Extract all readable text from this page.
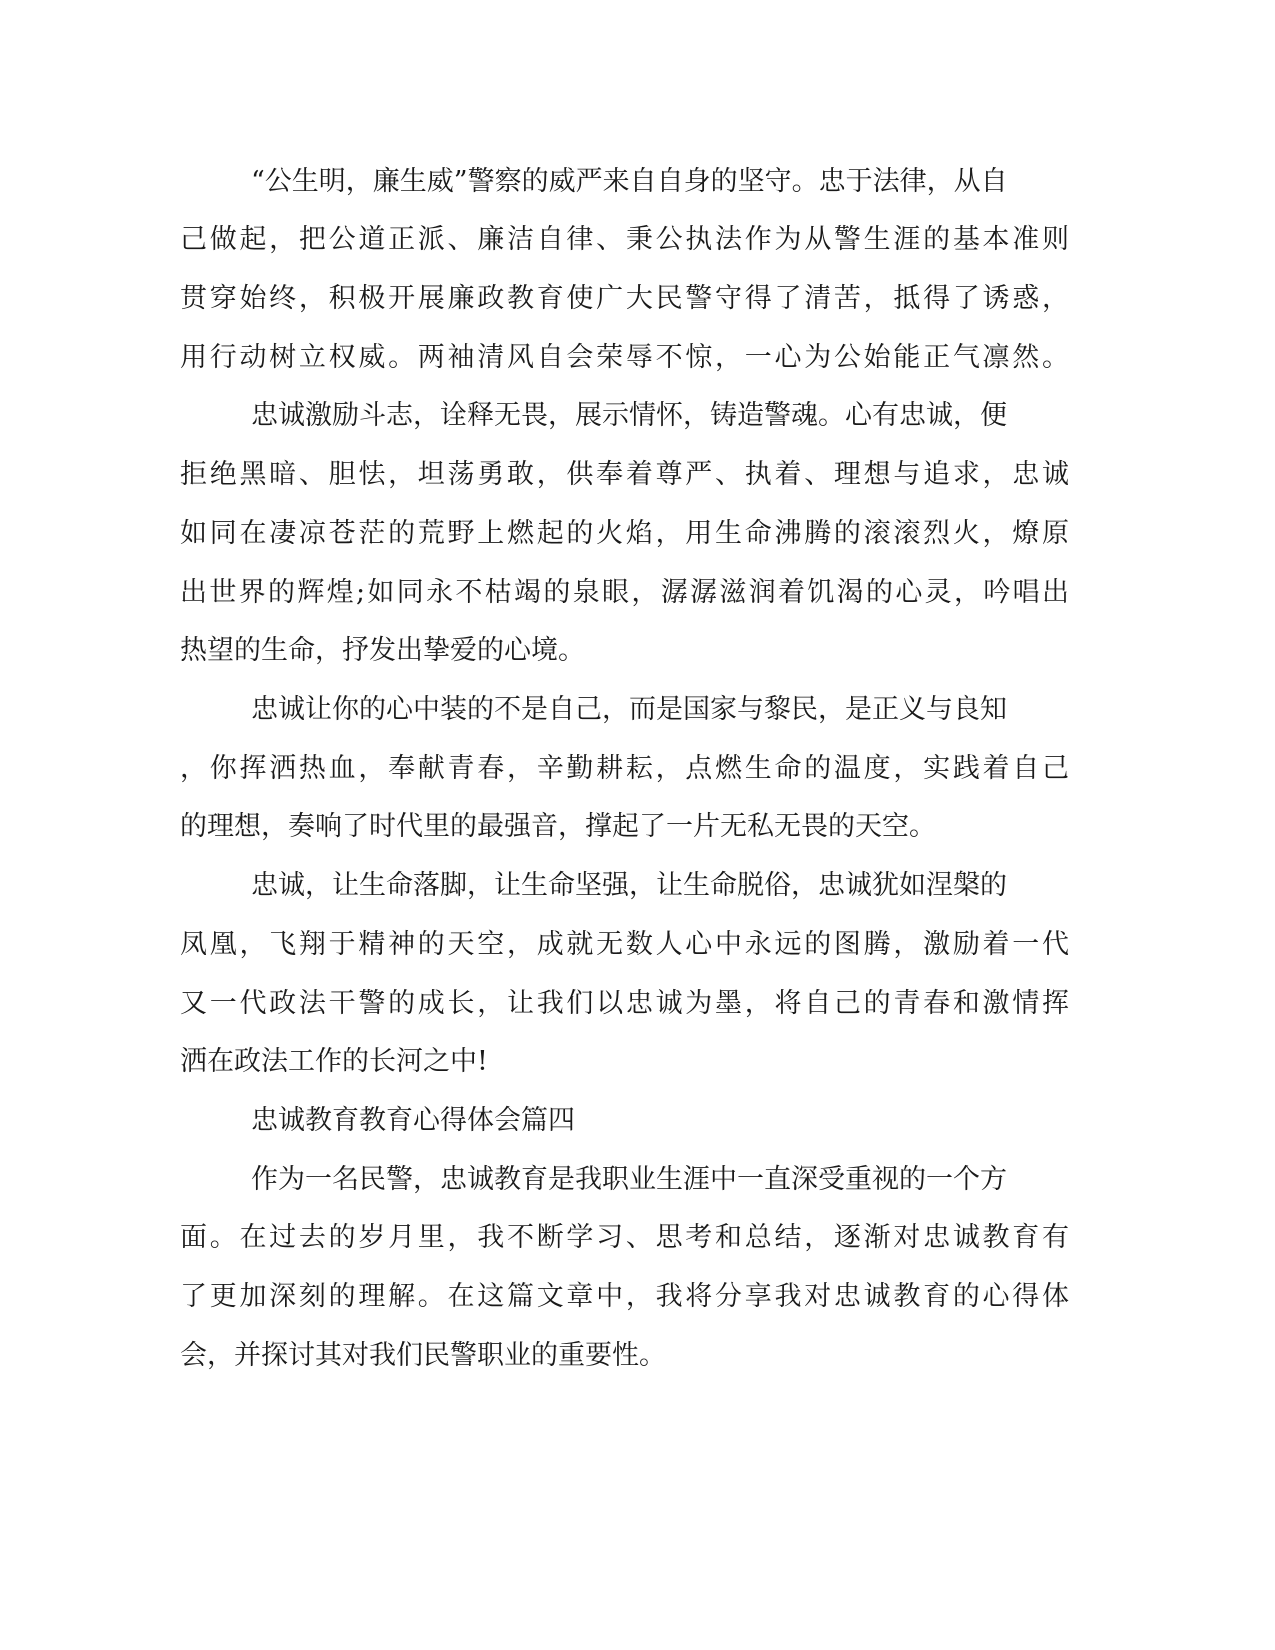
“公生明，廉生威”警察的威严来自自身的坚守。忠于法律，从自
己做起，把公道正派、廉洁自律、秉公执法作为从警生涯的基本准则
贯穿始终，积极开展廉政教育使广大民警守得了清苦，抵得了诱惑，
用行动树立权威。两袖清风自会荣辱不惊，一心为公始能正气凛然。
忠诚激励斗志，诠释无畏，展示情怀，铸造警魂。心有忠诚，便
拒绝黑暗、胆怯，坦荡勇敢，供奉着尊严、执着、理想与追求，忠诚
如同在凄凉苍茫的荒野上燃起的火焰，用生命沸腾的滚滚烈火，燎原
出世界的辉煌;如同永不枯竭的泉眼，潺潺滋润着饥渴的心灵，吟唱出
热望的生命，抒发出挚爱的心境。
忠诚让你的心中装的不是自己，而是国家与黎民，是正义与良知
，你挥洒热血，奉献青春，辛勤耕耘，点燃生命的温度，实践着自己
的理想，奏响了时代里的最强音，撑起了一片无私无畏的天空。
忠诚，让生命落脚，让生命坚强，让生命脱俗，忠诚犹如涅槃的
凤凰，飞翔于精神的天空，成就无数人心中永远的图腾，激励着一代
又一代政法干警的成长，让我们以忠诚为墨，将自己的青春和激情挥
洒在政法工作的长河之中!
忠诚教育教育心得体会篇四
作为一名民警，忠诚教育是我职业生涯中一直深受重视的一个方
面。在过去的岁月里，我不断学习、思考和总结，逐渐对忠诚教育有
了更加深刻的理解。在这篇文章中，我将分享我对忠诚教育的心得体
会，并探讨其对我们民警职业的重要性。
